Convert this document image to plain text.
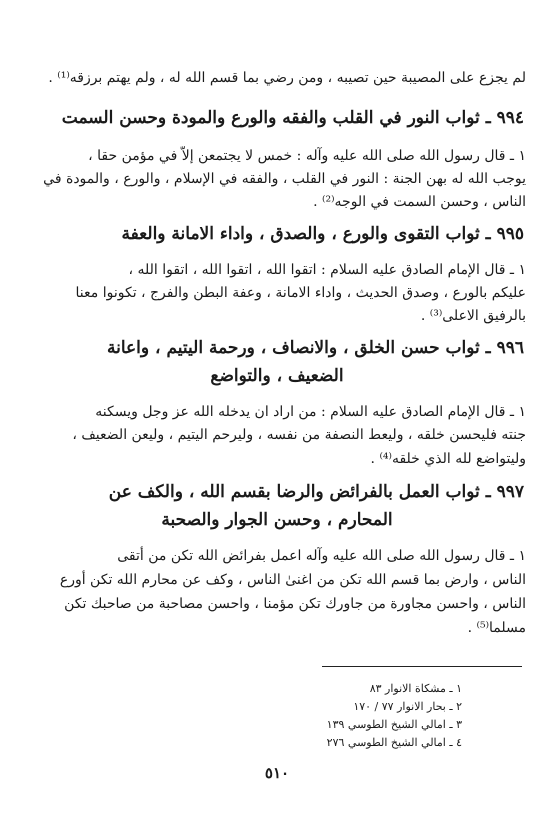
لم يجزع على المصيبة حين تصيبه ، ومن رضي بما قسم الله له ، ولم يهتم برزقه⁽¹⁾ .
٩٩٤ ـ ثواب النور في القلب والفقه والورع والمودة وحسن السمت
١ ـ قال رسول الله صلى الله عليه وآله : خمس لا يجتمعن إلاّ في مؤمن حقا ،
يوجب الله له بهن الجنة : النور في القلب ، والفقه في الإسلام ، والورع ، والمودة في
الناس ، وحسن السمت في الوجه⁽²⁾ .
٩٩٥ ـ ثواب التقوى والورع ، والصدق ، واداء الامانة والعفة
١ ـ قال الإمام الصادق عليه السلام : اتقوا الله ، اتقوا الله ، اتقوا الله ،
عليكم بالورع ، وصدق الحديث ، واداء الامانة ، وعفة البطن والفرج ، تكونوا معنا
بالرفيق الاعلى⁽³⁾ .
٩٩٦ ـ ثواب حسن الخلق ، والانصاف ، ورحمة اليتيم ، واعانة
الضعيف ، والتواضع
١ ـ قال الإمام الصادق عليه السلام : من اراد ان يدخله الله عز وجل ويسكنه
جنته فليحسن خلقه ، وليعط النصفة من نفسه ، وليرحم اليتيم ، وليعن الضعيف ،
وليتواضع لله الذي خلقه⁽⁴⁾ .
٩٩٧ ـ ثواب العمل بالفرائض والرضا بقسم الله ، والكف عن
المحارم ، وحسن الجوار والصحبة
١ ـ قال رسول الله صلى الله عليه وآله اعمل بفرائض الله تكن من أتقى
الناس ، وارض بما قسم الله تكن من اغنىٰ الناس ، وكف عن محارم الله تكن أورع
الناس ، واحسن مجاورة من جاورك تكن مؤمنا ، واحسن مصاحبة من صاحبك تكن
مسلما⁽⁵⁾ .
١ ـ مشكاة الانوار ٨٣
٢ ـ بحار الانوار ٧٧ / ١٧٠
٣ ـ امالي الشيخ الطوسي ١٣٩
٤ ـ امالي الشيخ الطوسي ٢٧٦
٥١٠
